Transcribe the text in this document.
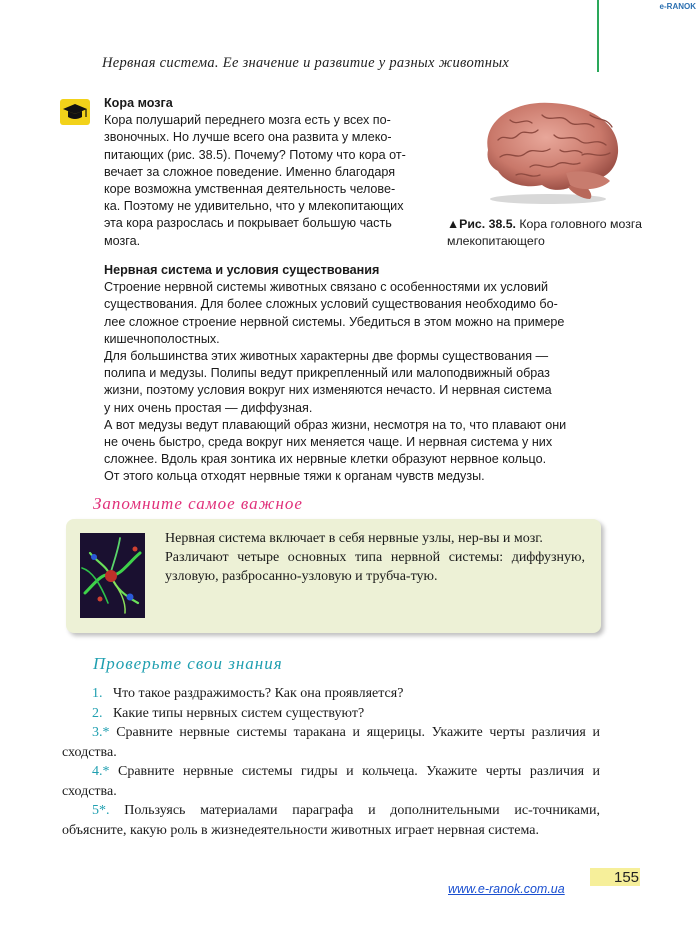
e-RANOK
Нервная система. Ее значение и развитие у разных животных
Кора мозга
Кора полушарий переднего мозга есть у всех по-
звоночных. Но лучше всего она развита у млеко-
питающих (рис. 38.5). Почему? Потому что кора от-
вечает за сложное поведение. Именно благодаря
коре возможна умственная деятельность челове-
ка. Поэтому не удивительно, что у млекопитающих
эта кора разрослась и покрывает большую часть
мозга.
▲Рис. 38.5. Кора головного мозга
млекопитающего
Нервная система и условия существования
Строение нервной системы животных связано с особенностями их условий
существования. Для более сложных условий существования необходимо бо-
лее сложное строение нервной системы. Убедиться в этом можно на примере
кишечнополостных.
Для большинства этих животных характерны две формы существования —
полипа и медузы. Полипы ведут прикрепленный или малоподвижный образ
жизни, поэтому условия вокруг них изменяются нечасто. И нервная система
у них очень простая — диффузная.
А вот медузы ведут плавающий образ жизни, несмотря на то, что плавают они
не очень быстро, среда вокруг них меняется чаще. И нервная система у них
сложнее. Вдоль края зонтика их нервные клетки образуют нервное кольцо.
От этого кольца отходят нервные тяжи к органам чувств медузы.
Запомните самое важное
Нервная система включает в себя нервные узлы, нер-вы и мозг.
Различают четыре основных типа нервной системы: диффузную, узловую, разбросанно-узловую и трубча-тую.
Проверьте свои знания
1. Что такое раздражимость? Как она проявляется?
2. Какие типы нервных систем существуют?
3.* Сравните нервные системы таракана и ящерицы. Укажите черты различия и сходства.
4.* Сравните нервные системы гидры и кольчеца. Укажите черты различия и сходства.
5*. Пользуясь материалами параграфа и дополнительными ис-точниками, объясните, какую роль в жизнедеятельности животных играет нервная система.
155
www.e-ranok.com.ua
